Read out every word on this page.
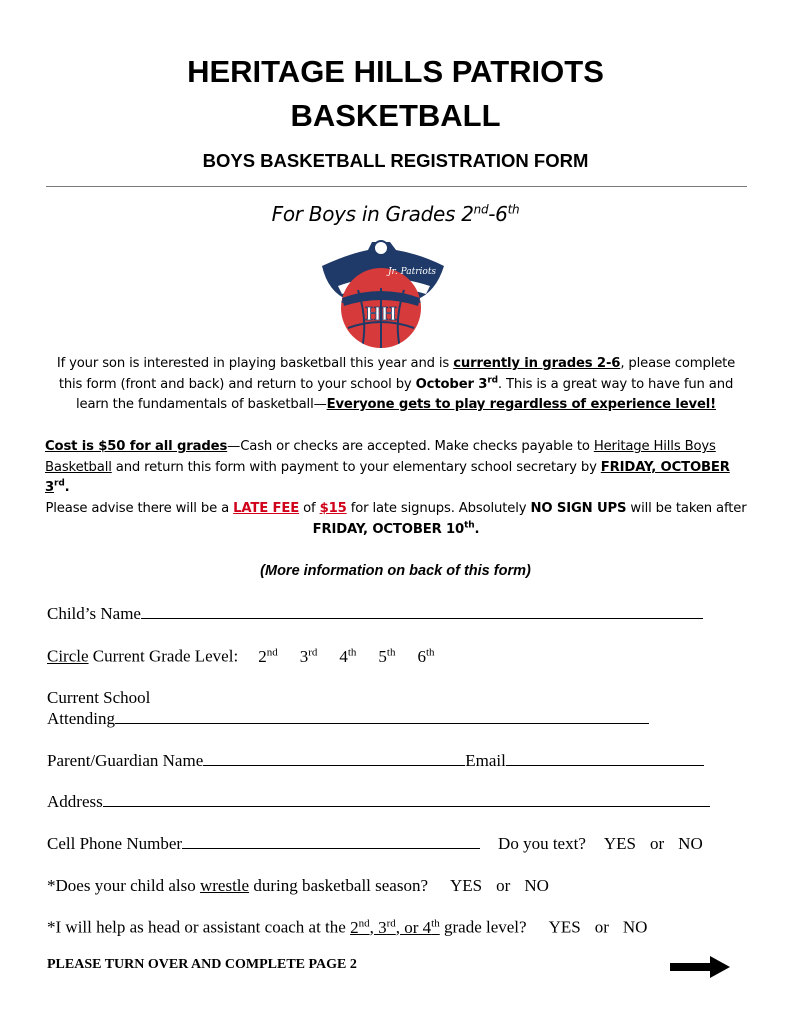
HERITAGE HILLS PATRIOTS
BASKETBALL
BOYS BASKETBALL REGISTRATION FORM
For Boys in Grades 2nd-6th
HH
Jr. Patriots
If your son is interested in playing basketball this year and is currently in grades 2-6, please complete this form (front and back) and return to your school by October 3rd. This is a great way to have fun and learn the fundamentals of basketball—Everyone gets to play regardless of experience level!
Cost is $50 for all grades—Cash or checks are accepted. Make checks payable to Heritage Hills Boys Basketball and return this form with payment to your elementary school secretary by FRIDAY, OCTOBER 3rd.
Please advise there will be a LATE FEE of $15 for late signups. Absolutely NO SIGN UPS will be taken after FRIDAY, OCTOBER 10th.
(More information on back of this form)
Child’s Name
Circle Current Grade Level: 2nd 3rd 4th 5th 6th
Current School
Attending
Parent/Guardian Name	Email
Address
Cell Phone Number	Do you text? YES or NO
*Does your child also wrestle during basketball season? YES or NO
*I will help as head or assistant coach at the 2nd, 3rd, or 4th grade level? YES or NO
PLEASE TURN OVER AND COMPLETE PAGE 2
